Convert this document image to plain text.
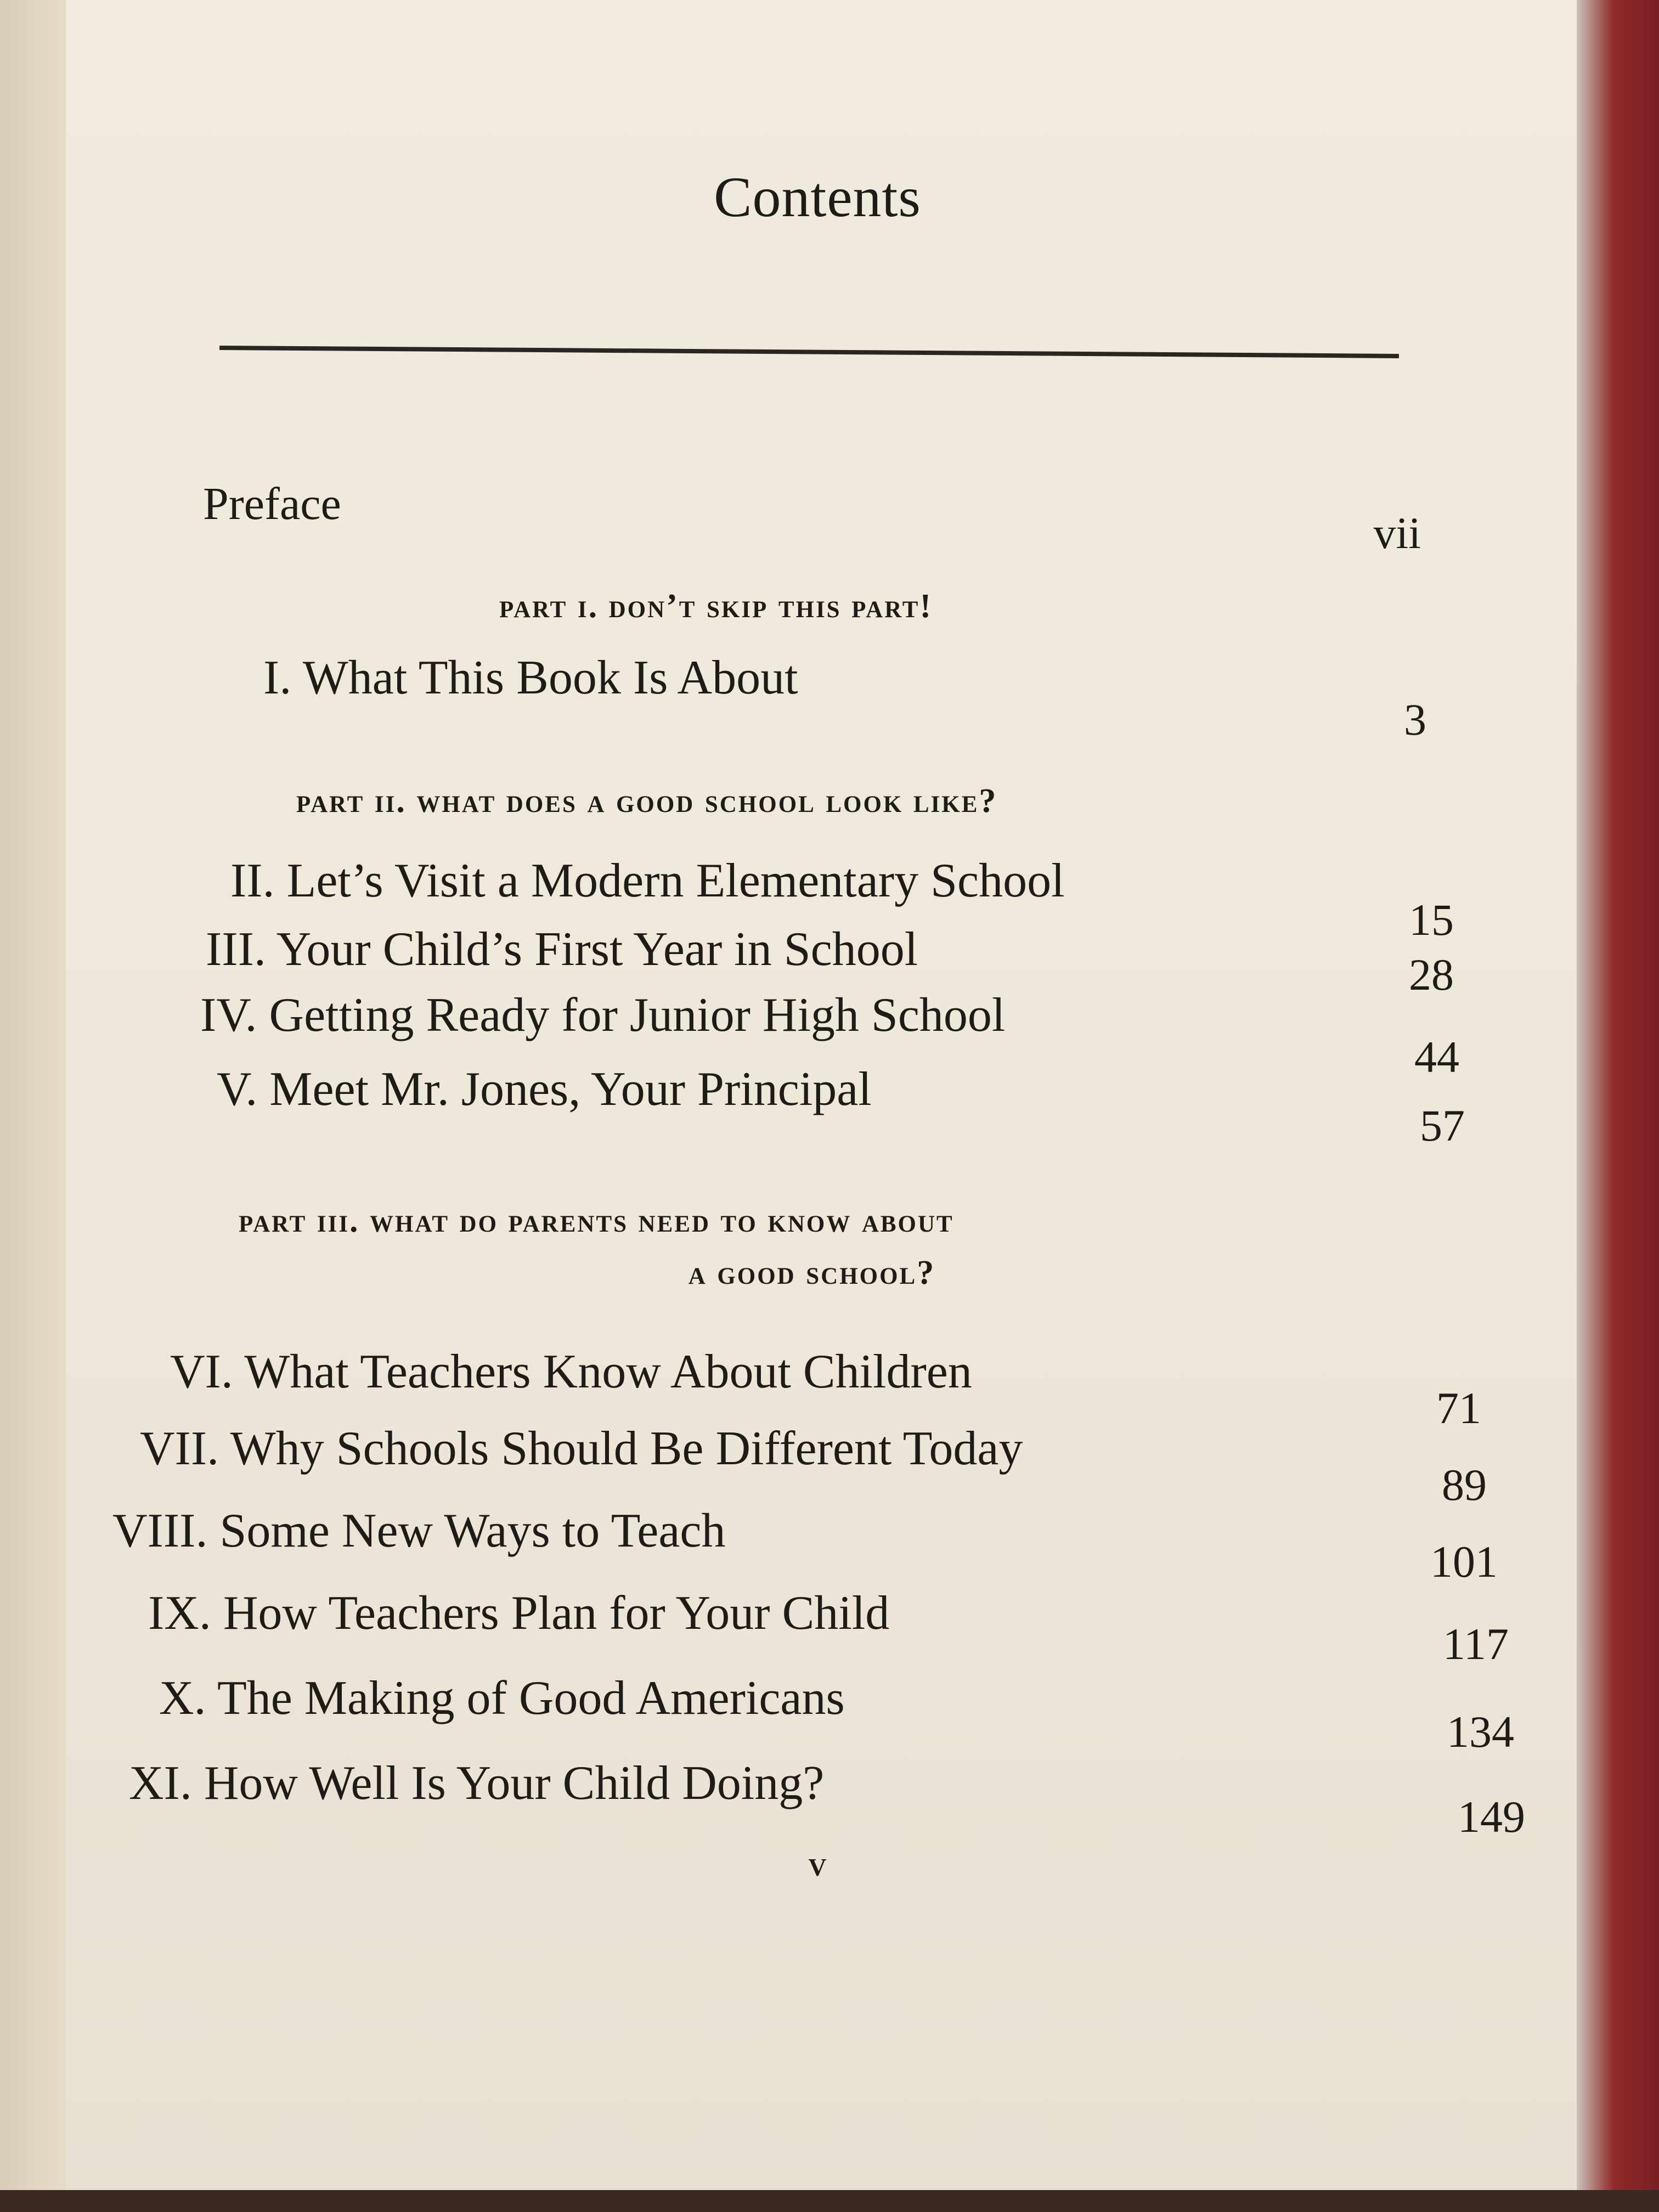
Contents
Preface
vii
part i. don’t skip this part!
I. What This Book Is About
3
part ii. what does a good school look like?
II. Let’s Visit a Modern Elementary School
15
III. Your Child’s First Year in School	28
IV. Getting Ready for Junior High School
44
V. Meet Mr. Jones, Your Principal
57
part iii. what do parents need to know about
a good school?
VI. What Teachers Know About Children
71
VII. Why Schools Should Be Different Today
89
VIII. Some New Ways to Teach
101
IX. How Teachers Plan for Your Child
117
X. The Making of Good Americans
134
XI. How Well Is Your Child Doing?
149
v
